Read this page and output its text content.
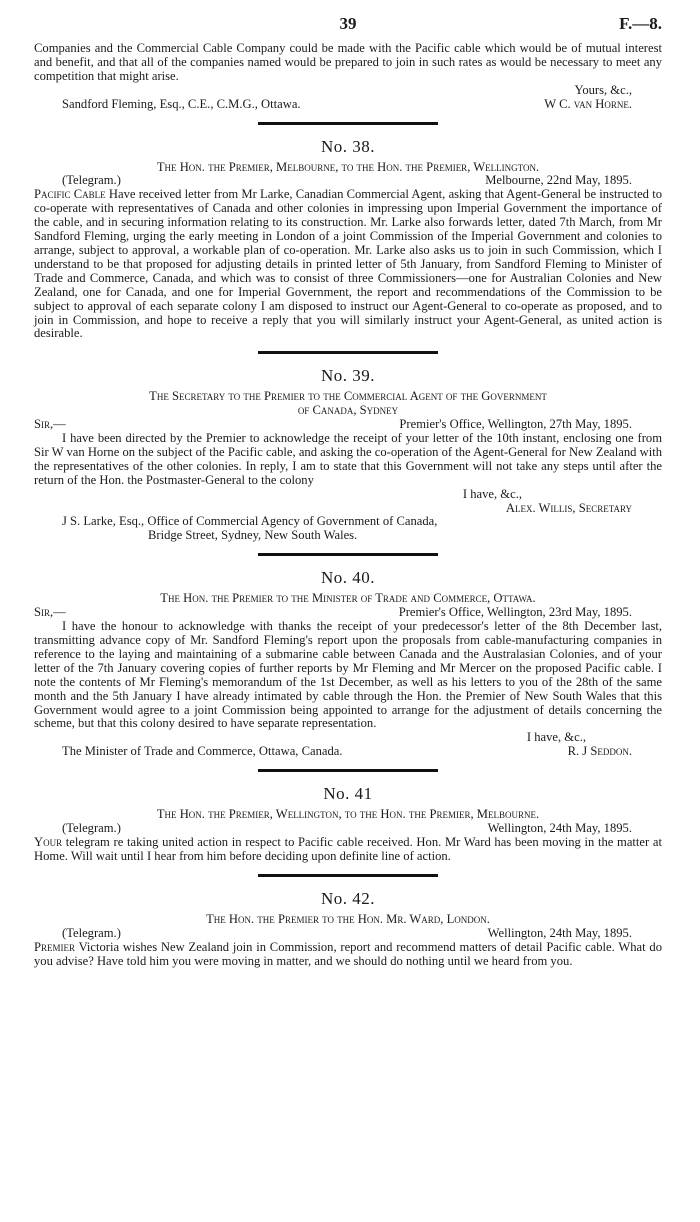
39	F.—8.

Companies and the Commercial Cable Company could be made with the Pacific cable which would be of mutual interest and benefit, and that all of the companies named would be prepared to join in such rates as would be necessary to meet any competition that might arise.

Yours, &c.,
Sandford Fleming, Esq., C.E., C.M.G., Ottawa.	W C. van Horne.
No. 38.
The Hon. the Premier, Melbourne, to the Hon. the Premier, Wellington.
(Telegram.)	Melbourne, 22nd May, 1895.

Pacific Cable Have received letter from Mr Larke, Canadian Commercial Agent, asking that Agent-General be instructed to co-operate with representatives of Canada and other colonies in impressing upon Imperial Government the importance of the cable, and in securing information relating to its construction. Mr. Larke also forwards letter, dated 7th March, from Mr Sandford Fleming, urging the early meeting in London of a joint Commission of the Imperial Government and colonies to arrange, subject to approval, a workable plan of co-operation. Mr. Larke also asks us to join in such Commission, which I understand to be that proposed for adjusting details in printed letter of 5th January, from Sandford Fleming to Minister of Trade and Commerce, Canada, and which was to consist of three Commissioners—one for Australian Colonies and New Zealand, one for Canada, and one for Imperial Government, the report and recommendations of the Commission to be subject to approval of each separate colony I am disposed to instruct our Agent-General to co-operate as proposed, and to join in Commission, and hope to receive a reply that you will similarly instruct your Agent-General, as united action is desirable.

No. 39.
The Secretary to the Premier to the Commercial Agent of the Government
of Canada, Sydney
Sir,—	Premier's Office, Wellington, 27th May, 1895.

I have been directed by the Premier to acknowledge the receipt of your letter of the 10th instant, enclosing one from Sir W van Horne on the subject of the Pacific cable, and asking the co-operation of the Agent-General for New Zealand with the representatives of the other colonies. In reply, I am to state that this Government will not take any steps until after the return of the Hon. the Postmaster-General to the colony

I have, &c.,
Alex. Willis, Secretary
J S. Larke, Esq., Office of Commercial Agency of Government of Canada,
Bridge Street, Sydney, New South Wales.
No. 40.
The Hon. the Premier to the Minister of Trade and Commerce, Ottawa.
Sir,—	Premier's Office, Wellington, 23rd May, 1895.

I have the honour to acknowledge with thanks the receipt of your predecessor's letter of the 8th December last, transmitting advance copy of Mr. Sandford Fleming's report upon the proposals from cable-manufacturing companies in reference to the laying and maintaining of a submarine cable between Canada and the Australasian Colonies, and of your letter of the 7th January covering copies of further reports by Mr Fleming and Mr Mercer on the proposed Pacific cable. I note the contents of Mr Fleming's memorandum of the 1st December, as well as his letters to you of the 28th of the same month and the 5th January I have already intimated by cable through the Hon. the Premier of New South Wales that this Government would agree to a joint Commission being appointed to arrange for the adjustment of details concerning the scheme, but that this colony desired to have separate representation.

I have, &c.,
The Minister of Trade and Commerce, Ottawa, Canada.	R. J Seddon.
No. 41
The Hon. the Premier, Wellington, to the Hon. the Premier, Melbourne.
(Telegram.)	Wellington, 24th May, 1895.

Your telegram re taking united action in respect to Pacific cable received. Hon. Mr Ward has been moving in the matter at Home. Will wait until I hear from him before deciding upon definite line of action.

No. 42.
The Hon. the Premier to the Hon. Mr. Ward, London.
(Telegram.)	Wellington, 24th May, 1895.

Premier Victoria wishes New Zealand join in Commission, report and recommend matters of detail Pacific cable. What do you advise? Have told him you were moving in matter, and we should do nothing until we heard from you.
